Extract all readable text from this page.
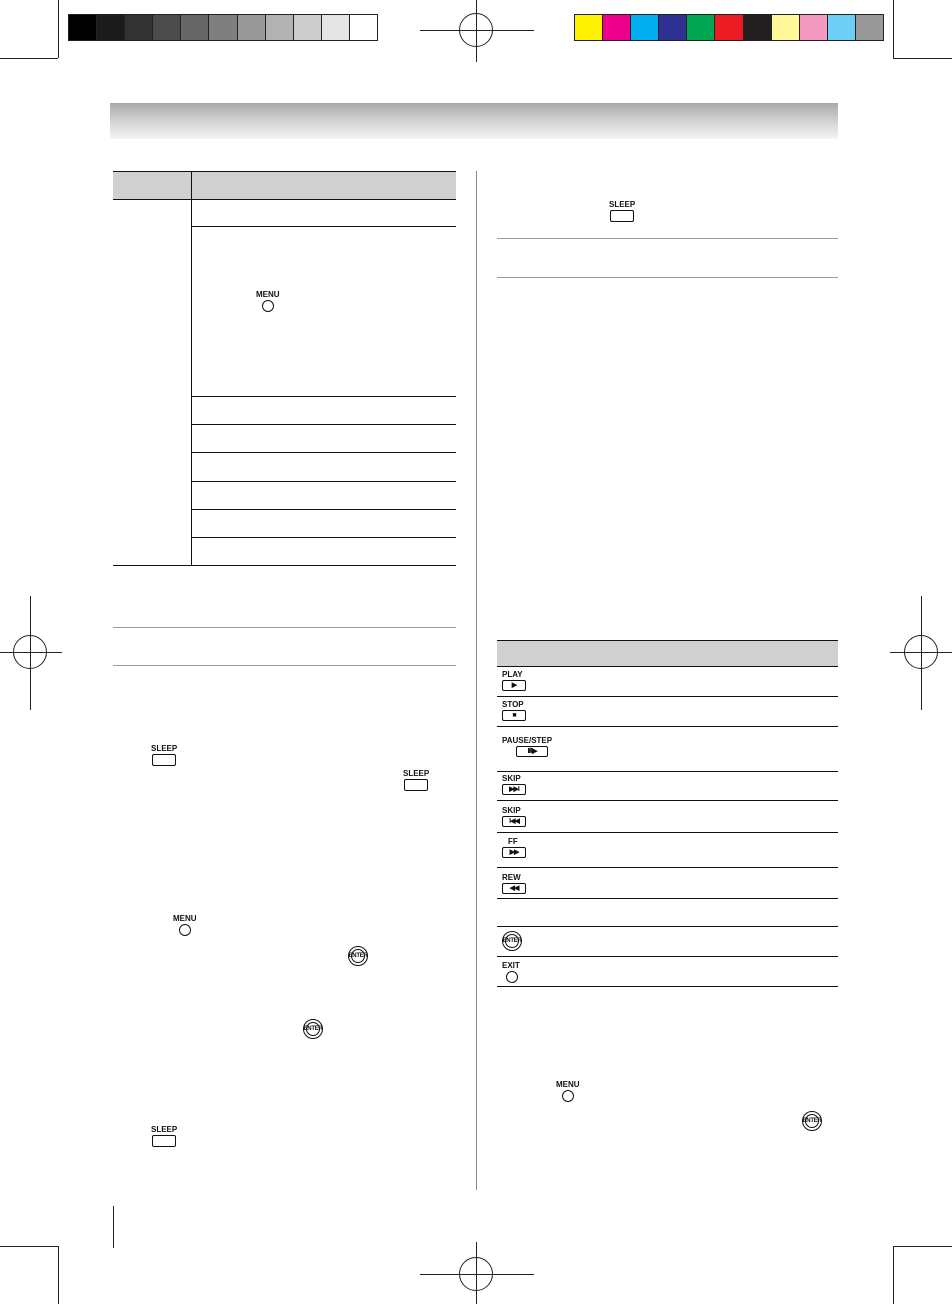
MENU
SLEEP
SLEEP
MENU
ENTER
ENTER
SLEEP
SLEEP
PLAY
▶
STOP
■
PAUSE/STEP
II/II▶
SKIP
▶▶I
SKIP
I◀◀
FF
▶▶
REW
◀◀
ENTER
EXIT
MENU
ENTER
